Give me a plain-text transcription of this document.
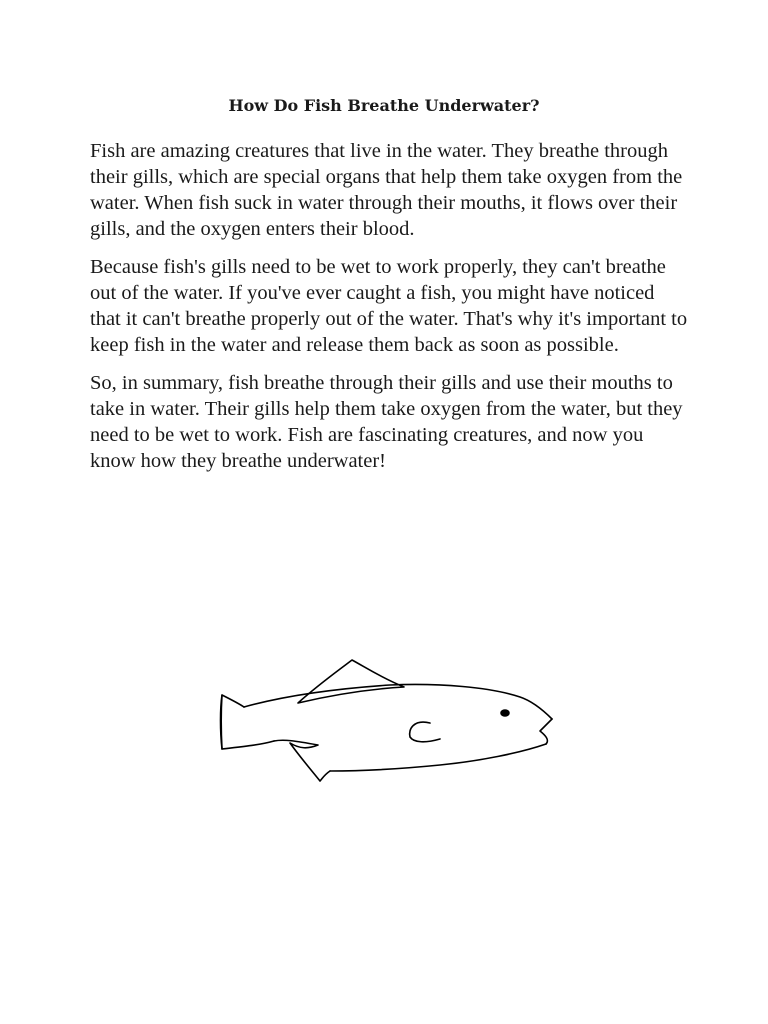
How Do Fish Breathe Underwater?

Fish are amazing creatures that live in the water. They breathe through their gills, which are special organs that help them take oxygen from the water. When fish suck in water through their mouths, it flows over their gills, and the oxygen enters their blood.

Because fish's gills need to be wet to work properly, they can't breathe out of the water. If you've ever caught a fish, you might have noticed that it can't breathe properly out of the water. That's why it's important to keep fish in the water and release them back as soon as possible.

So, in summary, fish breathe through their gills and use their mouths to take in water. Their gills help them take oxygen from the water, but they need to be wet to work. Fish are fascinating creatures, and now you know how they breathe underwater!
